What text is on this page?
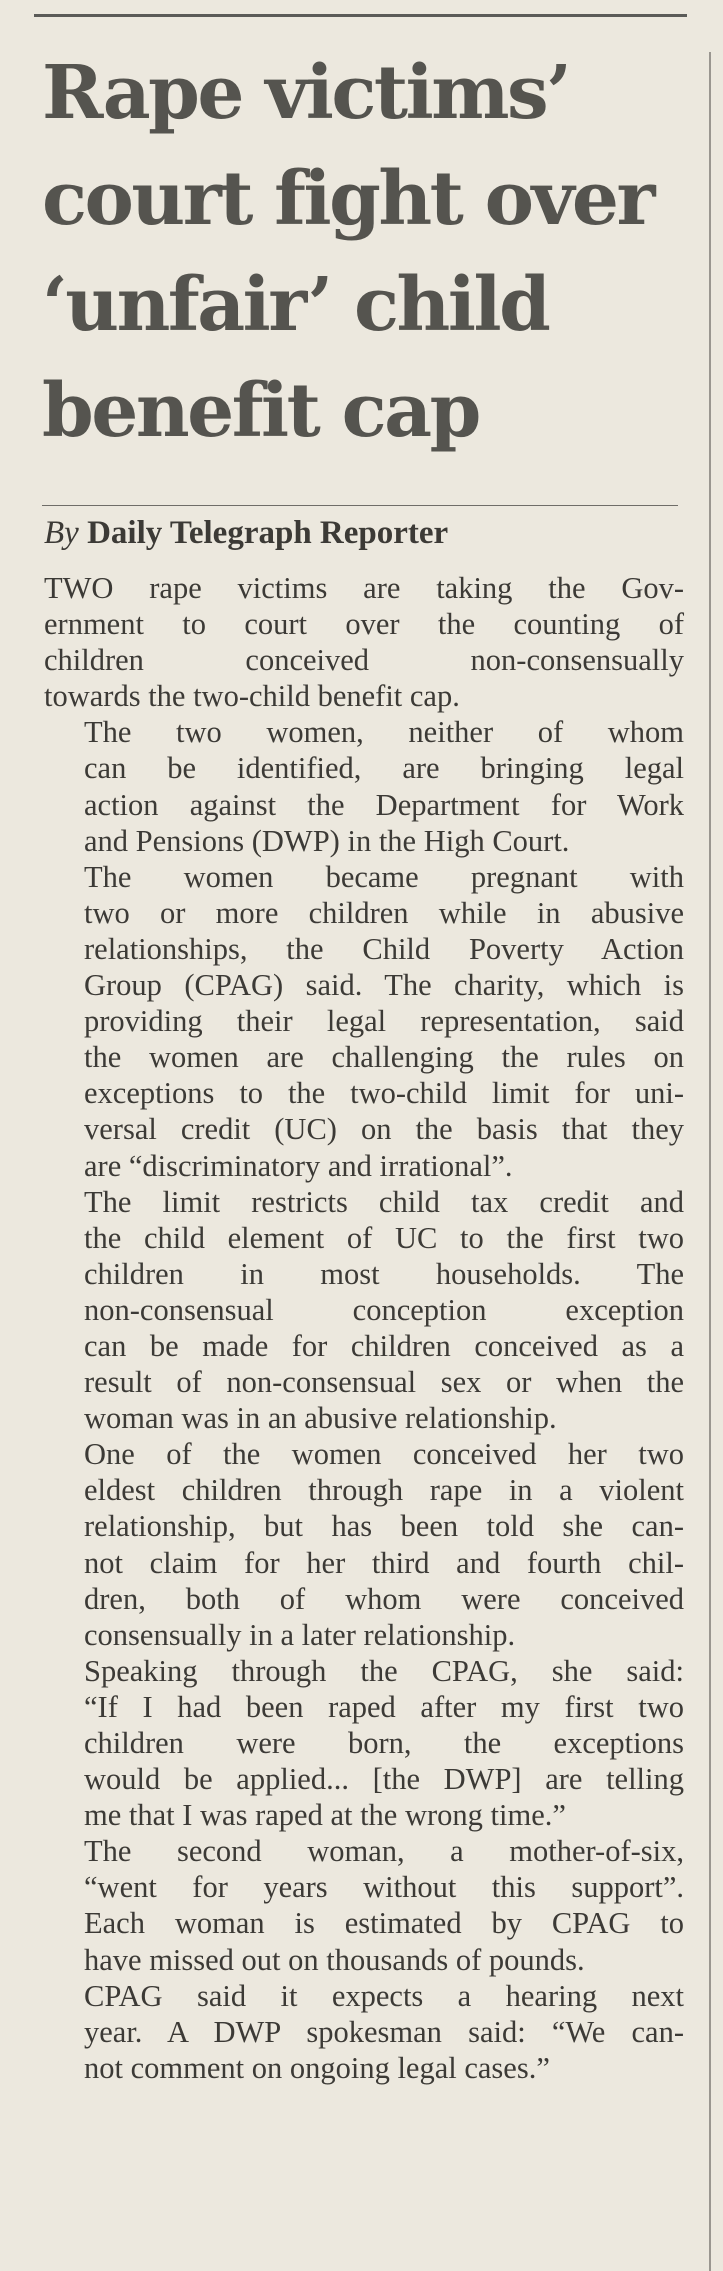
Rape victims’
court fight over
‘unfair’ child
benefit cap
By Daily Telegraph Reporter

TWO rape victims are taking the Gov-
ernment to court over the counting of
children conceived non-consensually
towards the two-child benefit cap.

The two women, neither of whom
can be identified, are bringing legal
action against the Department for Work
and Pensions (DWP) in the High Court.

The women became pregnant with
two or more children while in abusive
relationships, the Child Poverty Action
Group (CPAG) said. The charity, which is
providing their legal representation, said
the women are challenging the rules on
exceptions to the two-child limit for uni-
versal credit (UC) on the basis that they
are “discriminatory and irrational”.

The limit restricts child tax credit and
the child element of UC to the first two
children in most households. The
non-consensual conception exception
can be made for children conceived as a
result of non-consensual sex or when the
woman was in an abusive relationship.

One of the women conceived her two
eldest children through rape in a violent
relationship, but has been told she can-
not claim for her third and fourth chil-
dren, both of whom were conceived
consensually in a later relationship.

Speaking through the CPAG, she said:
“If I had been raped after my first two
children were born, the exceptions
would be applied... [the DWP] are telling
me that I was raped at the wrong time.”

The second woman, a mother-of-six,
“went for years without this support”.
Each woman is estimated by CPAG to
have missed out on thousands of pounds.

CPAG said it expects a hearing next
year. A DWP spokesman said: “We can-
not comment on ongoing legal cases.”
